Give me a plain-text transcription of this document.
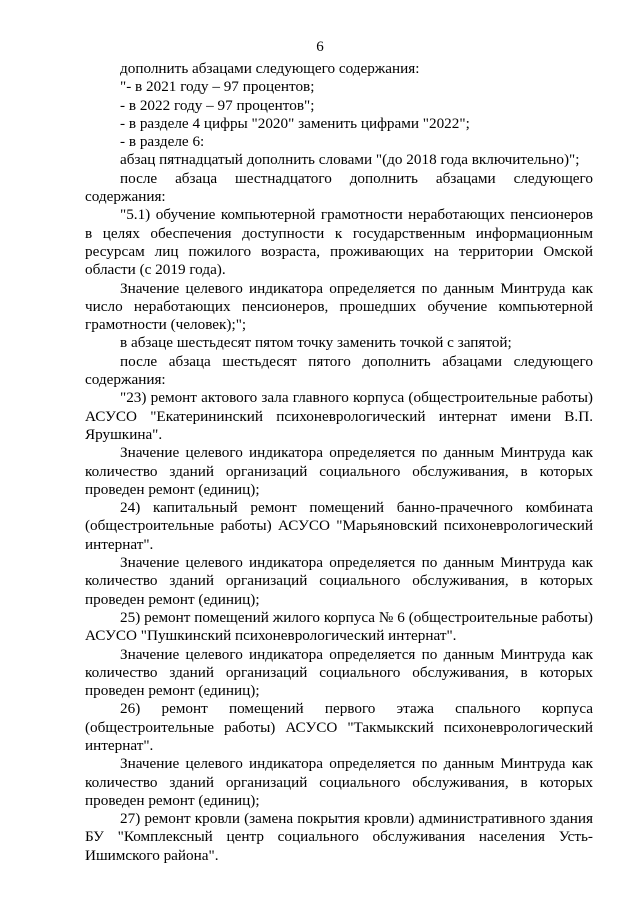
6

дополнить абзацами следующего содержания:

"- в 2021 году – 97 процентов;

- в 2022 году – 97 процентов";

- в разделе 4 цифры "2020" заменить цифрами "2022";

- в разделе 6:

абзац пятнадцатый дополнить словами "(до 2018 года включительно)";

после абзаца шестнадцатого дополнить абзацами следующего содержания:

"5.1) обучение компьютерной грамотности неработающих пенсионеров в целях обеспечения доступности к государственным информационным ресурсам лиц пожилого возраста, проживающих на территории Омской области (с 2019 года).

Значение целевого индикатора определяется по данным Минтруда как число неработающих пенсионеров, прошедших обучение компьютерной грамотности (человек);";

в абзаце шестьдесят пятом точку заменить точкой с запятой;

после абзаца шестьдесят пятого дополнить абзацами следующего содержания:

"23) ремонт актового зала главного корпуса (общестроительные работы) АСУСО "Екатерининский психоневрологический интернат имени В.П. Ярушкина".

Значение целевого индикатора определяется по данным Минтруда как количество зданий организаций социального обслуживания, в которых проведен ремонт (единиц);

24) капитальный ремонт помещений банно-прачечного комбината (общестроительные работы) АСУСО "Марьяновский психоневрологический интернат".

Значение целевого индикатора определяется по данным Минтруда как количество зданий организаций социального обслуживания, в которых проведен ремонт (единиц);

25) ремонт помещений жилого корпуса № 6 (общестроительные работы) АСУСО "Пушкинский психоневрологический интернат".

Значение целевого индикатора определяется по данным Минтруда как количество зданий организаций социального обслуживания, в которых проведен ремонт (единиц);

26) ремонт помещений первого этажа спального корпуса (общестроительные работы) АСУСО "Такмыкский психоневрологический интернат".

Значение целевого индикатора определяется по данным Минтруда как количество зданий организаций социального обслуживания, в которых проведен ремонт (единиц);

27) ремонт кровли (замена покрытия кровли) административного здания БУ "Комплексный центр социального обслуживания населения Усть-Ишимского района".
